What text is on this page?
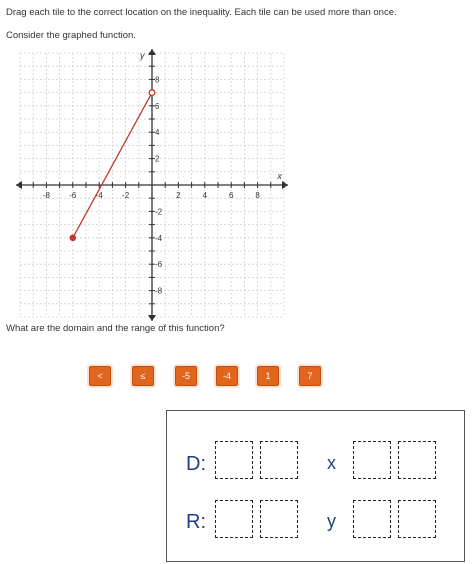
Drag each tile to the correct location on the inequality. Each tile can be used more than once.
Consider the graphed function.
x
y
-8 -6 -4 -2	2	4	6	8
8
6
4
2
-2
-4
-6
-8
What are the domain and the range of this function?
<	≤	-5	-4	1	7
D:	x
R:	y
